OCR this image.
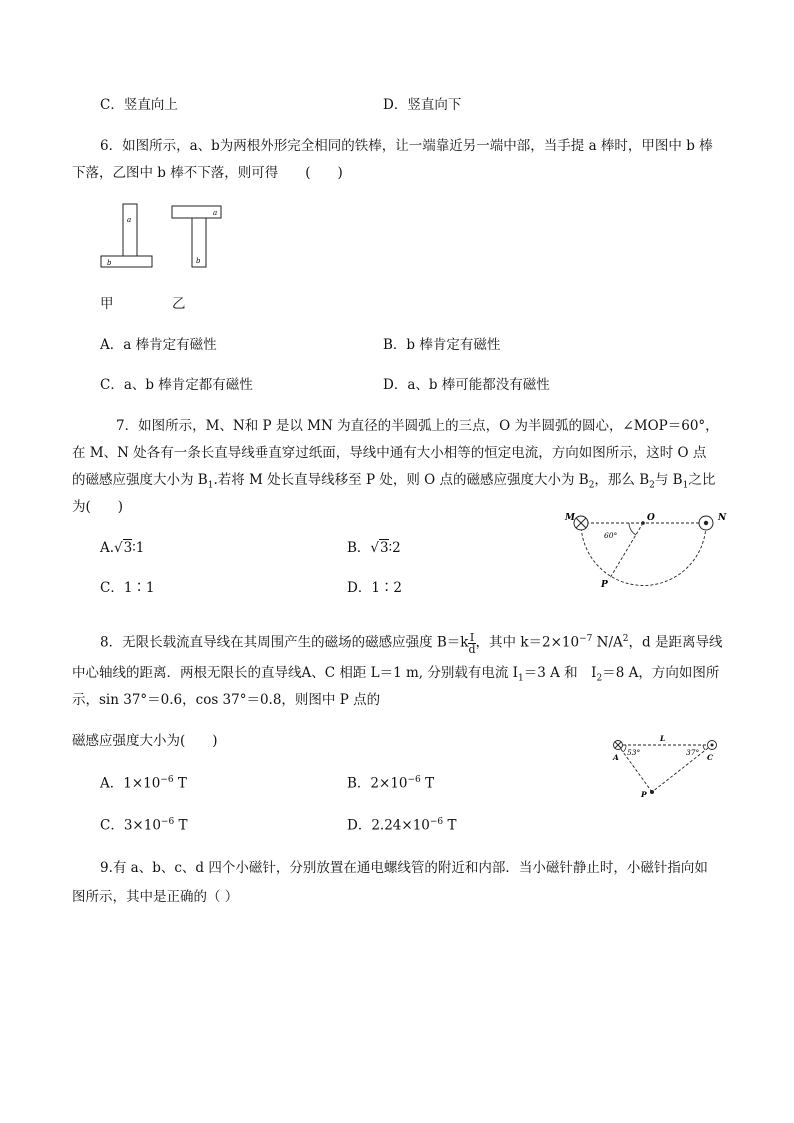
C．竖直向上	D．竖直向下
6．如图所示，a、b为两根外形完全相同的铁棒，让一端靠近另一端中部，当手提 a 棒时，甲图中 b 棒
下落，乙图中 b 棒不下落，则可得　　(　　)
a
b
a
b
甲	乙
A．a 棒肯定有磁性	B．b 棒肯定有磁性
C．a、b 棒肯定都有磁性	D．a、b 棒可能都没有磁性
7．如图所示，M、N和 P 是以 MN 为直径的半圆弧上的三点，O 为半圆弧的圆心，∠MOP＝60°，
在 M、N 处各有一条长直导线垂直穿过纸面，导线中通有大小相等的恒定电流，方向如图所示，这时 O 点
的磁感应强度大小为 $B_1$.若将 M 处长直导线移至 P 处，则 O 点的磁感应强度大小为 $B_2$，那么 $B_2$与 $B_1$之比
为(　　)
A.√3∶1	B．√3∶2
C．1∶1	D．1∶2
M	N
O
P
60°
8．无限长载流直导线在其周围产生的磁场的磁感应强度 $B=k \frac{I}{d}$ ，其中 $k=2\times 10^{-7}$ $N/A^2$，d 是距离导线
中心轴线的距离．两根无限长的直导线A、C 相距 L＝1 m, 分别载有电流 $I_1=3$ A 和　$I_2=8$ A，方向如图所
示，sin 37°＝0.6，cos 37°＝0.8，则图中 P 点的
磁感应强度大小为(　　)
A．$1\times 10^{-6}$ T	B．$2\times 10^{-6}$ T
C．$3\times 10^{-6}$ T	D．$2.24\times 10^{-6}$ T
A	C
L
P
53°	37°
9.有 a、b、c、d 四个小磁针，分别放置在通电螺线管的附近和内部．当小磁针静止时，小磁针指向如
图所示，其中是正确的（ ）
